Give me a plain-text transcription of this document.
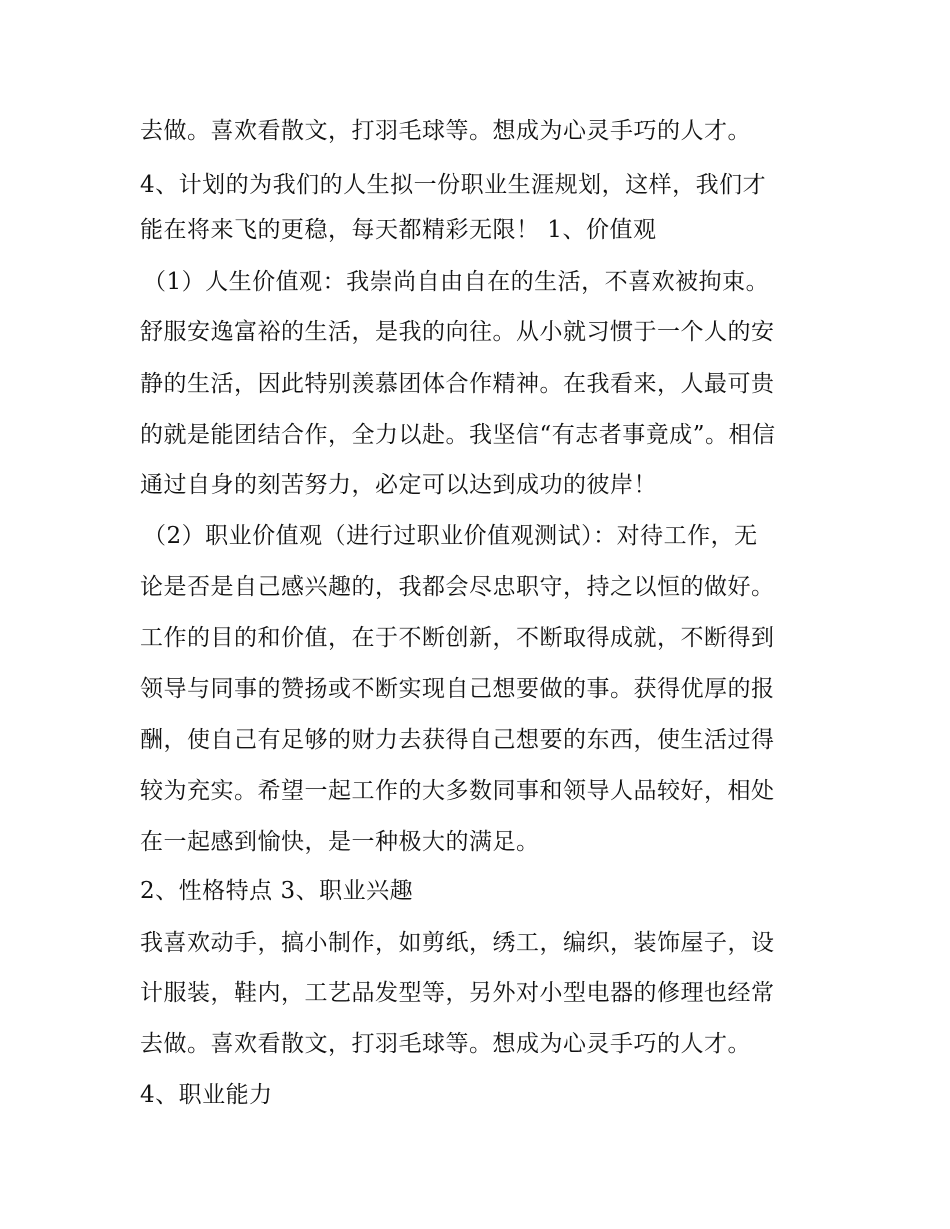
去做。喜欢看散文，打羽毛球等。想成为心灵手巧的人才。
4、计划的为我们的人生拟一份职业生涯规划，这样，我们才
能在将来飞的更稳，每天都精彩无限！ 1、价值观
（1）人生价值观：我崇尚自由自在的生活，不喜欢被拘束。
舒服安逸富裕的生活，是我的向往。从小就习惯于一个人的安
静的生活，因此特别羡慕团体合作精神。在我看来，人最可贵
的就是能团结合作，全力以赴。我坚信“有志者事竟成”。相信
通过自身的刻苦努力，必定可以达到成功的彼岸！
（2）职业价值观（进行过职业价值观测试）：对待工作，无
论是否是自己感兴趣的，我都会尽忠职守，持之以恒的做好。
工作的目的和价值，在于不断创新，不断取得成就，不断得到
领导与同事的赞扬或不断实现自己想要做的事。获得优厚的报
酬，使自己有足够的财力去获得自己想要的东西，使生活过得
较为充实。希望一起工作的大多数同事和领导人品较好，相处
在一起感到愉快，是一种极大的满足。
2、性格特点 3、职业兴趣
我喜欢动手，搞小制作，如剪纸，绣工，编织，装饰屋子，设
计服装，鞋内，工艺品发型等，另外对小型电器的修理也经常
去做。喜欢看散文，打羽毛球等。想成为心灵手巧的人才。
4、职业能力
